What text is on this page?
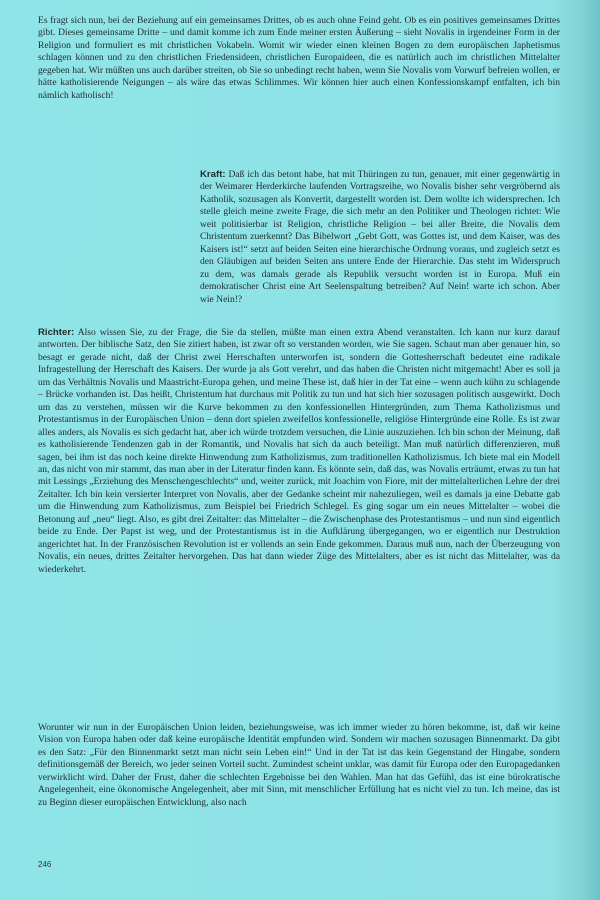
Es fragt sich nun, bei der Beziehung auf ein gemeinsames Drittes, ob es auch ohne Feind geht. Ob es ein positives gemeinsames Drittes gibt. Dieses gemeinsame Dritte – und damit komme ich zum Ende meiner ersten Äußerung – sieht Novalis in irgendeiner Form in der Religion und formuliert es mit christlichen Vokabeln. Womit wir wieder einen kleinen Bogen zu dem europäischen Japhetismus schlagen können und zu den christlichen Friedensideen, christlichen Europaideen, die es natürlich auch im christlichen Mittelalter gegeben hat. Wir müßten uns auch darüber streiten, ob Sie so unbedingt recht haben, wenn Sie Novalis vom Vorwurf befreien wollen, er hätte katholisierende Neigungen – als wäre das etwas Schlimmes. Wir können hier auch einen Konfessionskampf entfalten, ich bin nämlich katholisch!

Kraft: Daß ich das betont habe, hat mit Thüringen zu tun, genauer, mit einer gegenwärtig in der Weimarer Herderkirche laufenden Vortragsreihe, wo Novalis bisher sehr vergröbernd als Katholik, sozusagen als Konvertit, dargestellt worden ist. Dem wollte ich widersprechen. Ich stelle gleich meine zweite Frage, die sich mehr an den Politiker und Theologen richtet: Wie weit politisierbar ist Religion, christliche Religion – bei aller Breite, die Novalis dem Christentum zuerkennt? Das Bibelwort „Gebt Gott, was Gottes ist, und dem Kaiser, was des Kaisers ist!“ setzt auf beiden Seiten eine hierarchische Ordnung voraus, und zugleich setzt es den Gläubigen auf beiden Seiten ans untere Ende der Hierarchie. Das steht im Widerspruch zu dem, was damals gerade als Republik versucht worden ist in Europa. Muß ein demokratischer Christ eine Art Seelenspaltung betreiben? Auf Nein! warte ich schon. Aber wie Nein!?

Richter: Also wissen Sie, zu der Frage, die Sie da stellen, müßte man einen extra Abend veranstalten. Ich kann nur kurz darauf antworten. Der biblische Satz, den Sie zitiert haben, ist zwar oft so verstanden worden, wie Sie sagen. Schaut man aber genauer hin, so besagt er gerade nicht, daß der Christ zwei Herrschaften unterworfen ist, sondern die Gottesherrschaft bedeutet eine radikale Infragestellung der Herrschaft des Kaisers. Der wurde ja als Gott verehrt, und das haben die Christen nicht mitgemacht! Aber es soll ja um das Verhältnis Novalis und Maastricht-Europa gehen, und meine These ist, daß hier in der Tat eine – wenn auch kühn zu schlagende – Brücke vorhanden ist. Das heißt, Christentum hat durchaus mit Politik zu tun und hat sich hier sozusagen politisch ausgewirkt. Doch um das zu verstehen, müssen wir die Kurve bekommen zu den konfessionellen Hintergründen, zum Thema Katholizismus und Protestantismus in der Europäischen Union – denn dort spielen zweifellos konfessionelle, religiöse Hintergründe eine Rolle. Es ist zwar alles anders, als Novalis es sich gedacht hat, aber ich würde trotzdem versuchen, die Linie auszuziehen. Ich bin schon der Meinung, daß es katholisierende Tendenzen gab in der Romantik, und Novalis hat sich da auch beteiligt. Man muß natürlich differenzieren, muß sagen, bei ihm ist das noch keine direkte Hinwendung zum Katholizismus, zum traditionellen Katholizismus. Ich biete mal ein Modell an, das nicht von mir stammt, das man aber in der Literatur finden kann. Es könnte sein, daß das, was Novalis erträumt, etwas zu tun hat mit Lessings „Erziehung des Menschengeschlechts“ und, weiter zurück, mit Joachim von Fiore, mit der mittelalterlichen Lehre der drei Zeitalter. Ich bin kein versierter Interpret von Novalis, aber der Gedanke scheint mir nahezuliegen, weil es damals ja eine Debatte gab um die Hinwendung zum Katholizismus, zum Beispiel bei Friedrich Schlegel. Es ging sogar um ein neues Mittelalter – wobei die Betonung auf „neu“ liegt. Also, es gibt drei Zeitalter: das Mittelalter – die Zwischenphase des Protestantismus – und nun sind eigentlich beide zu Ende. Der Papst ist weg, und der Protestantismus ist in die Aufklärung übergegangen, wo er eigentlich nur Destruktion angerichtet hat. In der Französischen Revolution ist er vollends an sein Ende gekommen. Daraus muß nun, nach der Überzeugung von Novalis, ein neues, drittes Zeitalter hervorgehen. Das hat dann wieder Züge des Mittelalters, aber es ist nicht das Mittelalter, was da wiederkehrt.

Worunter wir nun in der Europäischen Union leiden, beziehungsweise, was ich immer wieder zu hören bekomme, ist, daß wir keine Vision von Europa haben oder daß keine europäische Identität empfunden wird. Sondern wir machen sozusagen Binnenmarkt. Da gibt es den Satz: „Für den Binnenmarkt setzt man nicht sein Leben ein!“ Und in der Tat ist das kein Gegenstand der Hingabe, sondern definitionsgemäß der Bereich, wo jeder seinen Vorteil sucht. Zumindest scheint unklar, was damit für Europa oder den Europagedanken verwirklicht wird. Daher der Frust, daher die schlechten Ergebnisse bei den Wahlen. Man hat das Gefühl, das ist eine bürokratische Angelegenheit, eine ökonomische Angelegenheit, aber mit Sinn, mit menschlicher Erfüllung hat es nicht viel zu tun. Ich meine, das ist zu Beginn dieser europäischen Entwicklung, also nach

246
